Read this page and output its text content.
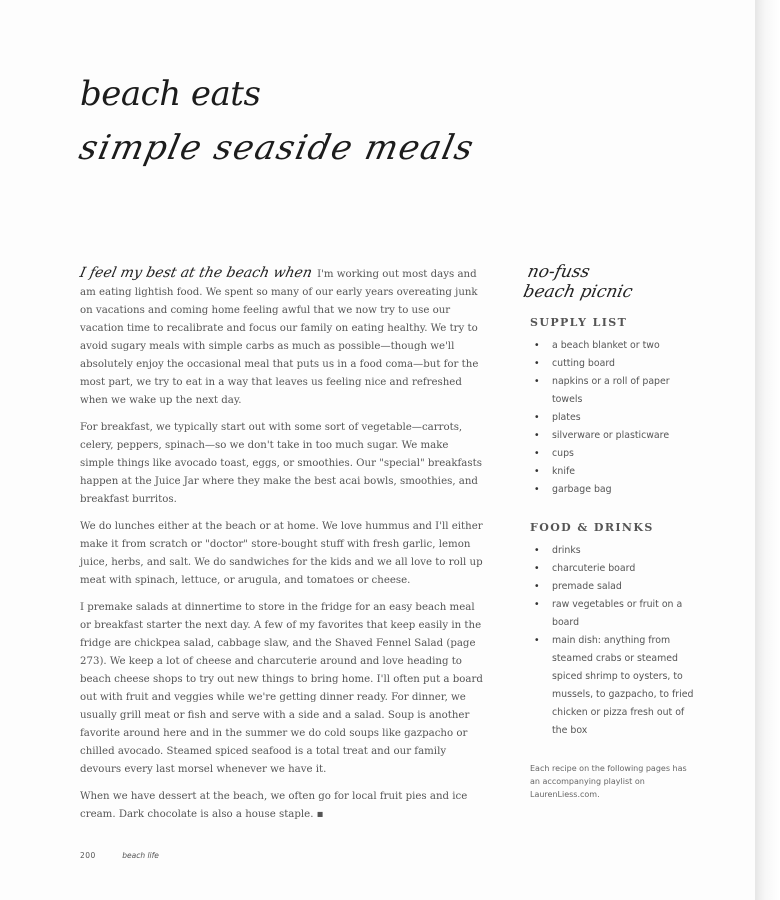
beach eats
simple seaside meals

I feel my best at the beach when I'm working out most days and am eating lightish food. We spent so many of our early years overeating junk on vacations and coming home feeling awful that we now try to use our vacation time to recalibrate and focus our family on eating healthy. We try to avoid sugary meals with simple carbs as much as possible—though we'll absolutely enjoy the occasional meal that puts us in a food coma—but for the most part, we try to eat in a way that leaves us feeling nice and refreshed when we wake up the next day.

For breakfast, we typically start out with some sort of vegetable—carrots, celery, peppers, spinach—so we don't take in too much sugar. We make simple things like avocado toast, eggs, or smoothies. Our "special" breakfasts happen at the Juice Jar where they make the best acai bowls, smoothies, and breakfast burritos.

We do lunches either at the beach or at home. We love hummus and I'll either make it from scratch or "doctor" store-bought stuff with fresh garlic, lemon juice, herbs, and salt. We do sandwiches for the kids and we all love to roll up meat with spinach, lettuce, or arugula, and tomatoes or cheese.

I premake salads at dinnertime to store in the fridge for an easy beach meal or breakfast starter the next day. A few of my favorites that keep easily in the fridge are chickpea salad, cabbage slaw, and the Shaved Fennel Salad (page 273). We keep a lot of cheese and charcuterie around and love heading to beach cheese shops to try out new things to bring home. I'll often put a board out with fruit and veggies while we're getting dinner ready. For dinner, we usually grill meat or fish and serve with a side and a salad. Soup is another favorite around here and in the summer we do cold soups like gazpacho or chilled avocado. Steamed spiced seafood is a total treat and our family devours every last morsel whenever we have it.

When we have dessert at the beach, we often go for local fruit pies and ice cream. Dark chocolate is also a house staple. ▪

no-fuss
beach picnic
SUPPLY LIST
• a beach blanket or two
• cutting board
• napkins or a roll of paper towels
• plates
• silverware or plasticware
• cups
• knife
• garbage bag
FOOD & DRINKS
• drinks
• charcuterie board
• premade salad
• raw vegetables or fruit on a board
• main dish: anything from steamed crabs or steamed spiced shrimp to oysters, to mussels, to gazpacho, to fried chicken or pizza fresh out of the box
Each recipe on the following pages has an accompanying playlist on LaurenLiess.com.
200	beach life
